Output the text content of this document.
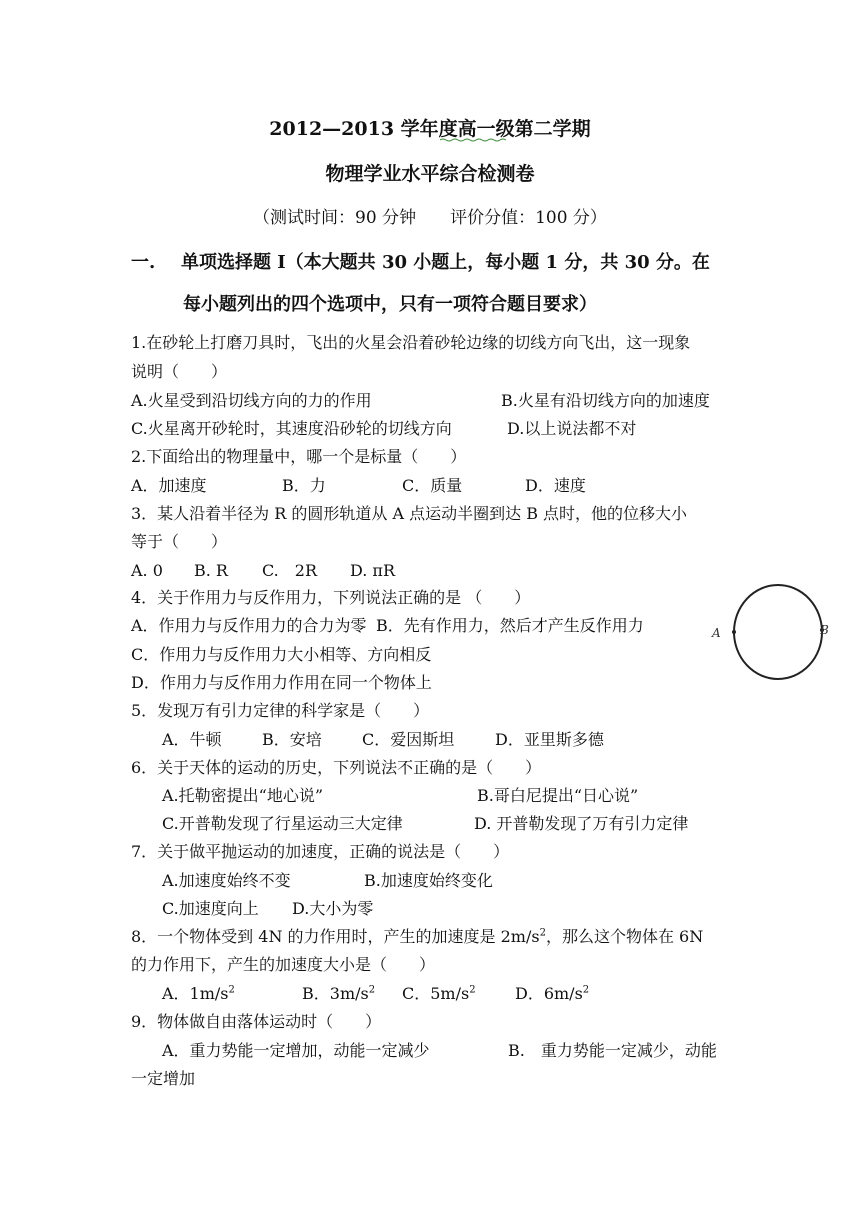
2012—2013 学年度高一级第二学期
物理学业水平综合检测卷
（测试时间：90 分钟　　评价分值：100 分）
一. 单项选择题 I（本大题共 30 小题上，每小题 1 分，共 30 分。在
每小题列出的四个选项中，只有一项符合题目要求）
1.在砂轮上打磨刀具时，飞出的火星会沿着砂轮边缘的切线方向飞出，这一现象
说明（　　）
A.火星受到沿切线方向的力的作用	B.火星有沿切线方向的加速度
C.火星离开砂轮时，其速度沿砂轮的切线方向	D.以上说法都不对
2.下面给出的物理量中，哪一个是标量（　　）
A．加速度	B．力	C．质量	D．速度
3．某人沿着半径为 R 的圆形轨道从 A 点运动半圈到达 B 点时，他的位移大小
等于（　　）
A. 0 B. R C.　2R D. πR
A	B
4．关于作用力与反作用力，下列说法正确的是 （　　）
A．作用力与反作用力的合力为零 B．先有作用力，然后才产生反作用力
C．作用力与反作用力大小相等、方向相反
D．作用力与反作用力作用在同一个物体上
5．发现万有引力定律的科学家是（　　）
A．牛顿	B．安培	C．爱因斯坦	D．亚里斯多德
6．关于天体的运动的历史，下列说法不正确的是（　　）
A.托勒密提出“地心说”	B.哥白尼提出“日心说”
C.开普勒发现了行星运动三大定律	D. 开普勒发现了万有引力定律
7．关于做平抛运动的加速度，正确的说法是（　　）
A.加速度始终不变	B.加速度始终变化
C.加速度向上 D.大小为零
8．一个物体受到 4N 的力作用时，产生的加速度是 $2m/s^2$，那么这个物体在 6N
的力作用下，产生的加速度大小是（　　）
A．$1m/s^2$	B．$3m/s^2$ C．$5m/s^2$ D．$6m/s^2$
9．物体做自由落体运动时（　　）
A．重力势能一定增加，动能一定减少	B.　重力势能一定减少，动能
一定增加
